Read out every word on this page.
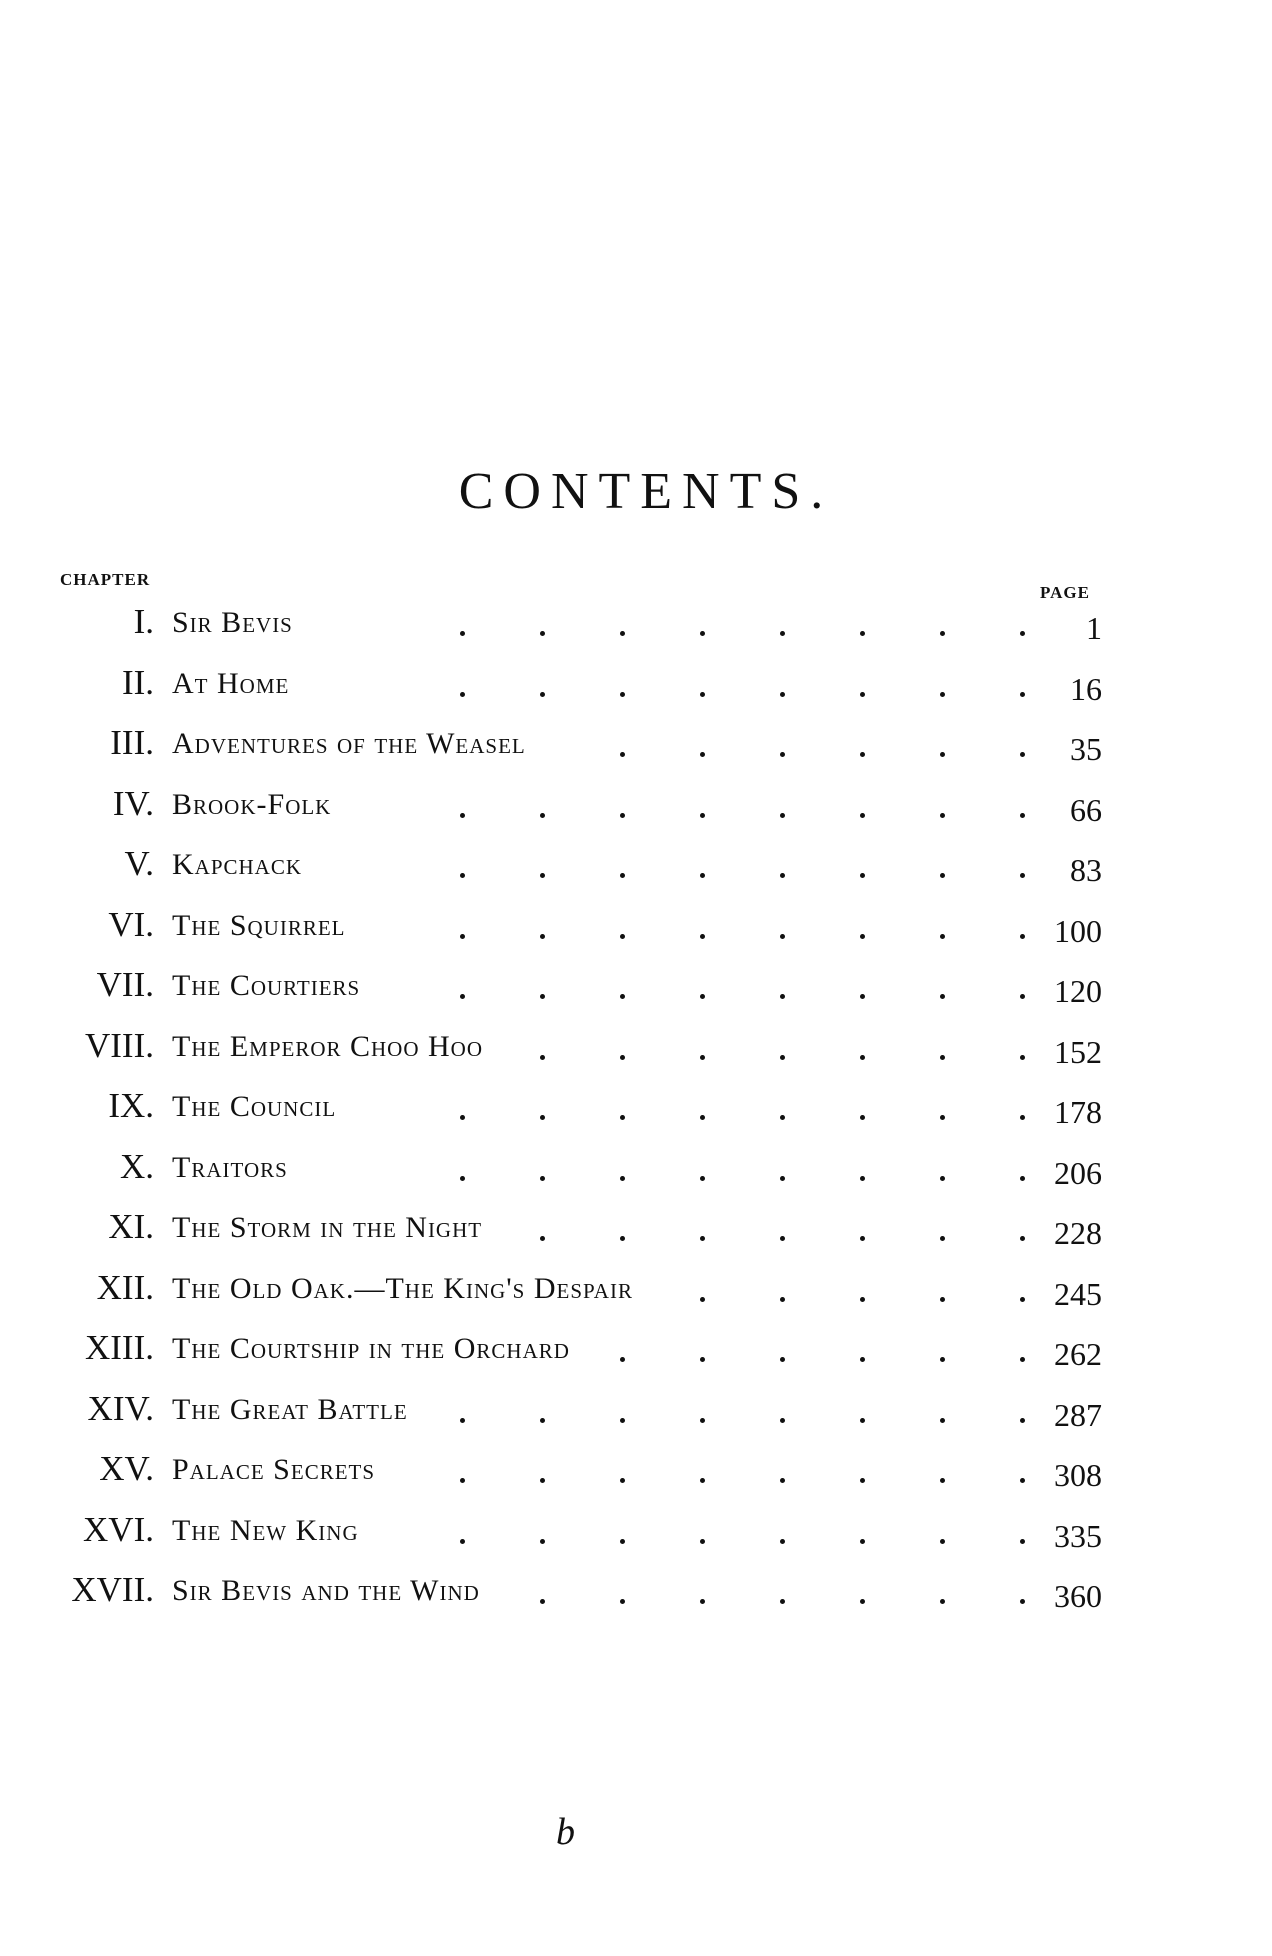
CONTENTS.
CHAPTER
PAGE
I. Sir Bevis	1
II. At Home	16
III. Adventures of the Weasel	35
IV. Brook-Folk	66
V. Kapchack	83
VI. The Squirrel	100
VII. The Courtiers	120
VIII. The Emperor Choo Hoo	152
IX. The Council	178
X. Traitors	206
XI. The Storm in the Night	228
XII. The Old Oak.—The King's Despair	245
XIII. The Courtship in the Orchard	262
XIV. The Great Battle	287
XV. Palace Secrets	308
XVI. The New King	335
XVII. Sir Bevis and the Wind	360
b
